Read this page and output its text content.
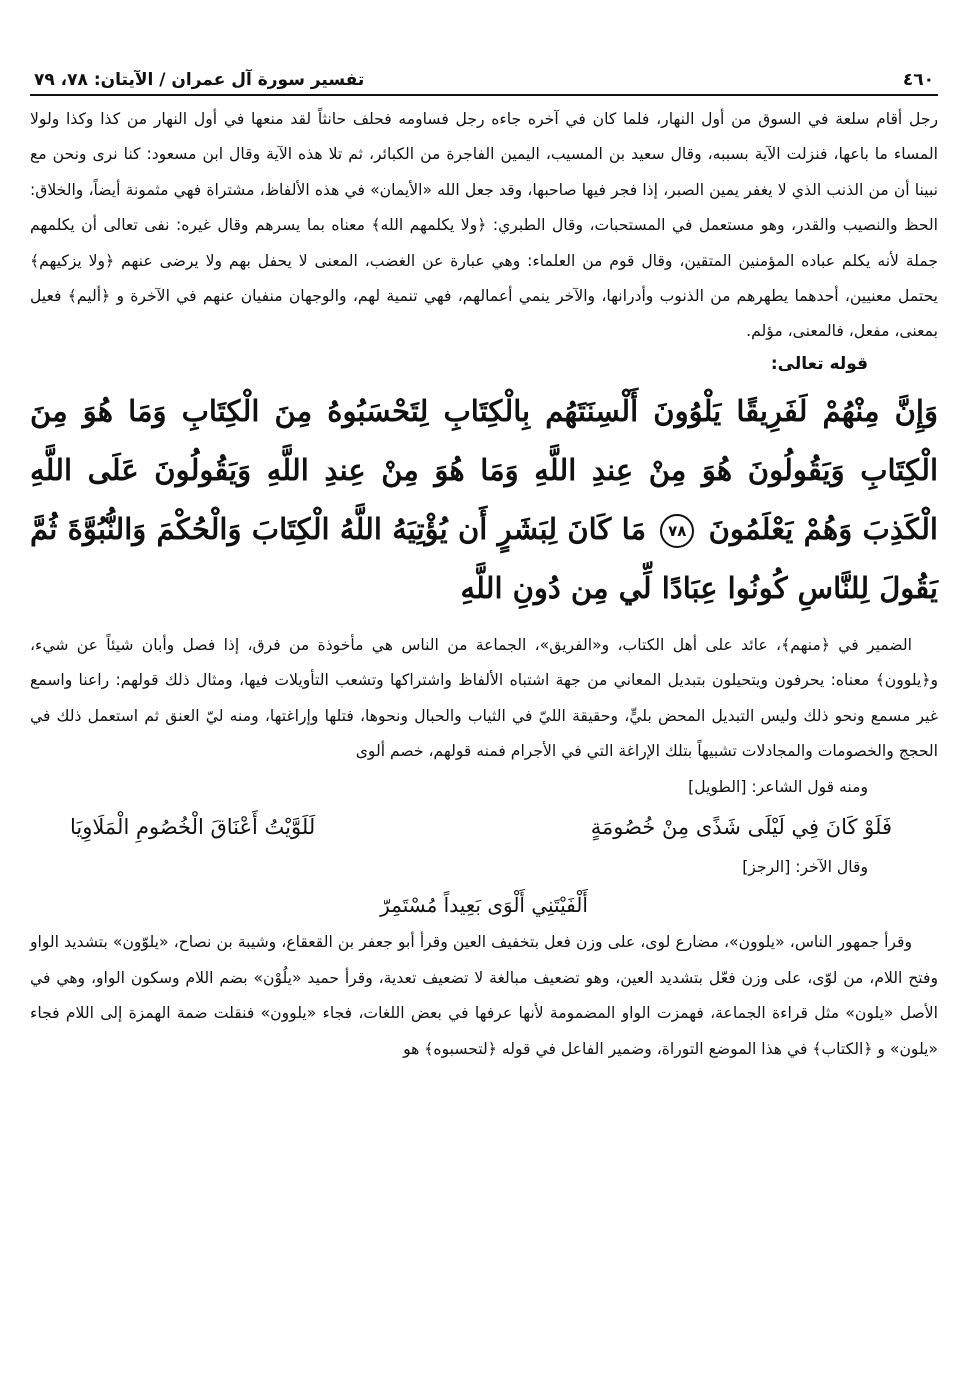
٤٦٠
تفسير سورة آل عمران / الآيتان: ٧٨، ٧٩

رجل أقام سلعة في السوق من أول النهار، فلما كان في آخره جاءه رجل فساومه فحلف حانثاً لقد منعها في أول النهار من كذا وكذا ولولا المساء ما باعها، فنزلت الآية بسببه، وقال سعيد بن المسيب، اليمين الفاجرة من الكبائر، ثم تلا هذه الآية وقال ابن مسعود: كنا نرى ونحن مع نبينا أن من الذنب الذي لا يغفر يمين الصبر، إذا فجر فيها صاحبها، وقد جعل الله «الأيمان» في هذه الألفاظ، مشتراة فهي مثمونة أيضاً، والخلاق: الحظ والنصيب والقدر، وهو مستعمل في المستحبات، وقال الطبري: ﴿ولا يكلمهم الله﴾ معناه بما يسرهم وقال غيره: نفى تعالى أن يكلمهم جملة لأنه يكلم عباده المؤمنين المتقين، وقال قوم من العلماء: وهي عبارة عن الغضب، المعنى لا يحفل بهم ولا يرضى عنهم ﴿ولا يزكيهم﴾ يحتمل معنيين، أحدهما يطهرهم من الذنوب وأدرانها، والآخر ينمي أعمالهم، فهي تنمية لهم، والوجهان منفيان عنهم في الآخرة و ﴿أليم﴾ فعيل بمعنى، مفعل، فالمعنى، مؤلم.

قوله تعالى:
وَإِنَّ مِنْهُمْ لَفَرِيقًا يَلْوُونَ أَلْسِنَتَهُم بِالْكِتَابِ لِتَحْسَبُوهُ مِنَ الْكِتَابِ وَمَا هُوَ مِنَ الْكِتَابِ وَيَقُولُونَ هُوَ مِنْ عِندِ اللَّهِ وَمَا هُوَ مِنْ عِندِ اللَّهِ وَيَقُولُونَ عَلَى اللَّهِ الْكَذِبَ وَهُمْ يَعْلَمُونَ ٧٨ مَا كَانَ لِبَشَرٍ أَن يُؤْتِيَهُ اللَّهُ الْكِتَابَ وَالْحُكْمَ وَالنُّبُوَّةَ ثُمَّ يَقُولَ لِلنَّاسِ كُونُوا عِبَادًا لِّي مِن دُونِ اللَّهِ

الضمير في ﴿منهم﴾، عائد على أهل الكتاب، و«الفريق»، الجماعة من الناس هي مأخوذة من فرق، إذا فصل وأبان شيئاً عن شيء، و﴿يلوون﴾ معناه: يحرفون ويتحيلون بتبديل المعاني من جهة اشتباه الألفاظ واشتراكها وتشعب التأويلات فيها، ومثال ذلك قولهم: راعنا واسمع غير مسمع ونحو ذلك وليس التبديل المحض بليٍّ، وحقيقة الليّ في الثياب والحبال ونحوها، فتلها وإراغتها، ومنه ليّ العنق ثم استعمل ذلك في الحجج والخصومات والمجادلات تشبيهاً بتلك الإراغة التي في الأجرام فمنه قولهم، خصم ألوى

ومنه قول الشاعر: [الطويل]
فَلَوْ كَانَ فِي لَيْلَى شَذًى مِنْ خُصُومَةٍ
لَلَوَّيْتُ أَعْنَاقَ الْخُصُومِ الْمَلَاوِيَا
وقال الآخر: [الرجز]
أَلْفَيْتَنِي أَلْوَى بَعِيداً مُسْتَمِرّ

وقرأ جمهور الناس، «يلوون»، مضارع لوى، على وزن فعل بتخفيف العين وقرأ أبو جعفر بن القعقاع، وشيبة بن نصاح، «يلوّون» بتشديد الواو وفتح اللام، من لوّى، على وزن فعّل بتشديد العين، وهو تضعيف مبالغة لا تضعيف تعدية، وقرأ حميد «يلُوْن» بضم اللام وسكون الواو، وهي في الأصل «يلون» مثل قراءة الجماعة، فهمزت الواو المضمومة لأنها عرفها في بعض اللغات، فجاء «يلوون» فنقلت ضمة الهمزة إلى اللام فجاء «يلون» و ﴿الكتاب﴾ في هذا الموضع التوراة، وضمير الفاعل في قوله ﴿لتحسبوه﴾ هو
